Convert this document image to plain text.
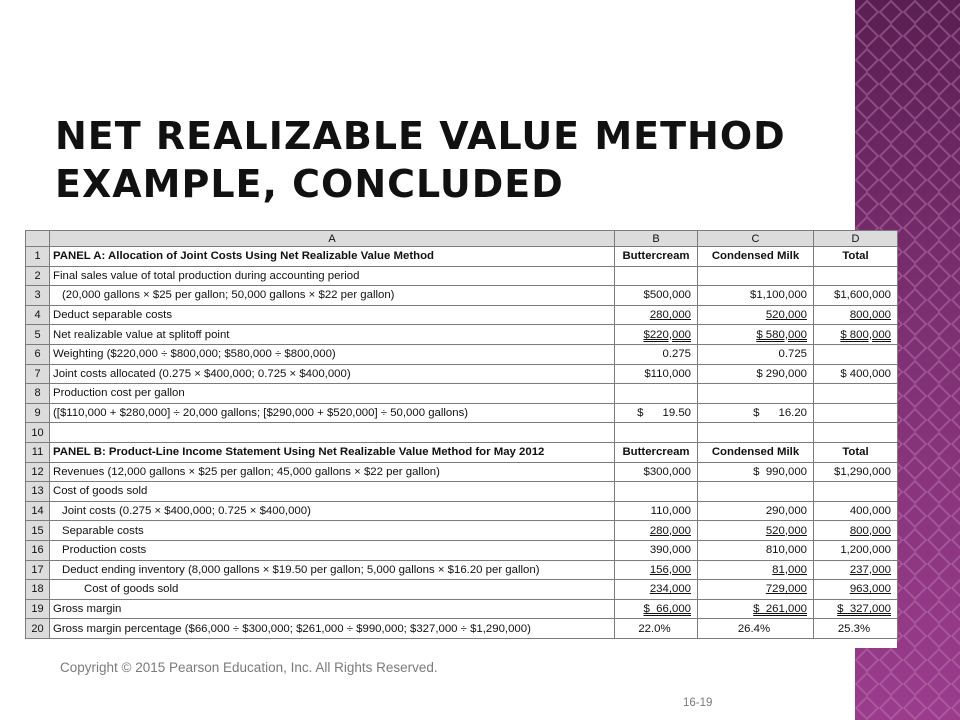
NET REALIZABLE VALUE METHOD
EXAMPLE, CONCLUDED
	A	B	C	D
1	PANEL A: Allocation of Joint Costs Using Net Realizable Value Method	Buttercream	Condensed Milk	Total
2	Final sales value of total production during accounting period			
3	(20,000 gallons × $25 per gallon; 50,000 gallons × $22 per gallon)	$500,000	$1,100,000	$1,600,000
4	Deduct separable costs	280,000	520,000	800,000
5	Net realizable value at splitoff point	$220,000	$ 580,000	$ 800,000
6	Weighting ($220,000 ÷ $800,000; $580,000 ÷ $800,000)	0.275	0.725	
7	Joint costs allocated (0.275 × $400,000; 0.725 × $400,000)	$110,000	$ 290,000	$ 400,000
8	Production cost per gallon			
9	([$110,000 + $280,000] ÷ 20,000 gallons; [$290,000 + $520,000] ÷ 50,000 gallons)	$      19.50	$      16.20	
10				
11	PANEL B: Product-Line Income Statement Using Net Realizable Value Method for May 2012	Buttercream	Condensed Milk	Total
12	Revenues (12,000 gallons × $25 per gallon; 45,000 gallons × $22 per gallon)	$300,000	$  990,000	$1,290,000
13	Cost of goods sold			
14	Joint costs (0.275 × $400,000; 0.725 × $400,000)	110,000	290,000	400,000
15	Separable costs	280,000	520,000	800,000
16	Production costs	390,000	810,000	1,200,000
17	Deduct ending inventory (8,000 gallons × $19.50 per gallon; 5,000 gallons × $16.20 per gallon)	156,000	81,000	237,000
18	Cost of goods sold	234,000	729,000	963,000
19	Gross margin	$  66,000	$  261,000	$  327,000
20	Gross margin percentage ($66,000 ÷ $300,000; $261,000 ÷ $990,000; $327,000 ÷ $1,290,000)	22.0%	26.4%	25.3%
Copyright © 2015 Pearson Education, Inc. All Rights Reserved.
16-19
